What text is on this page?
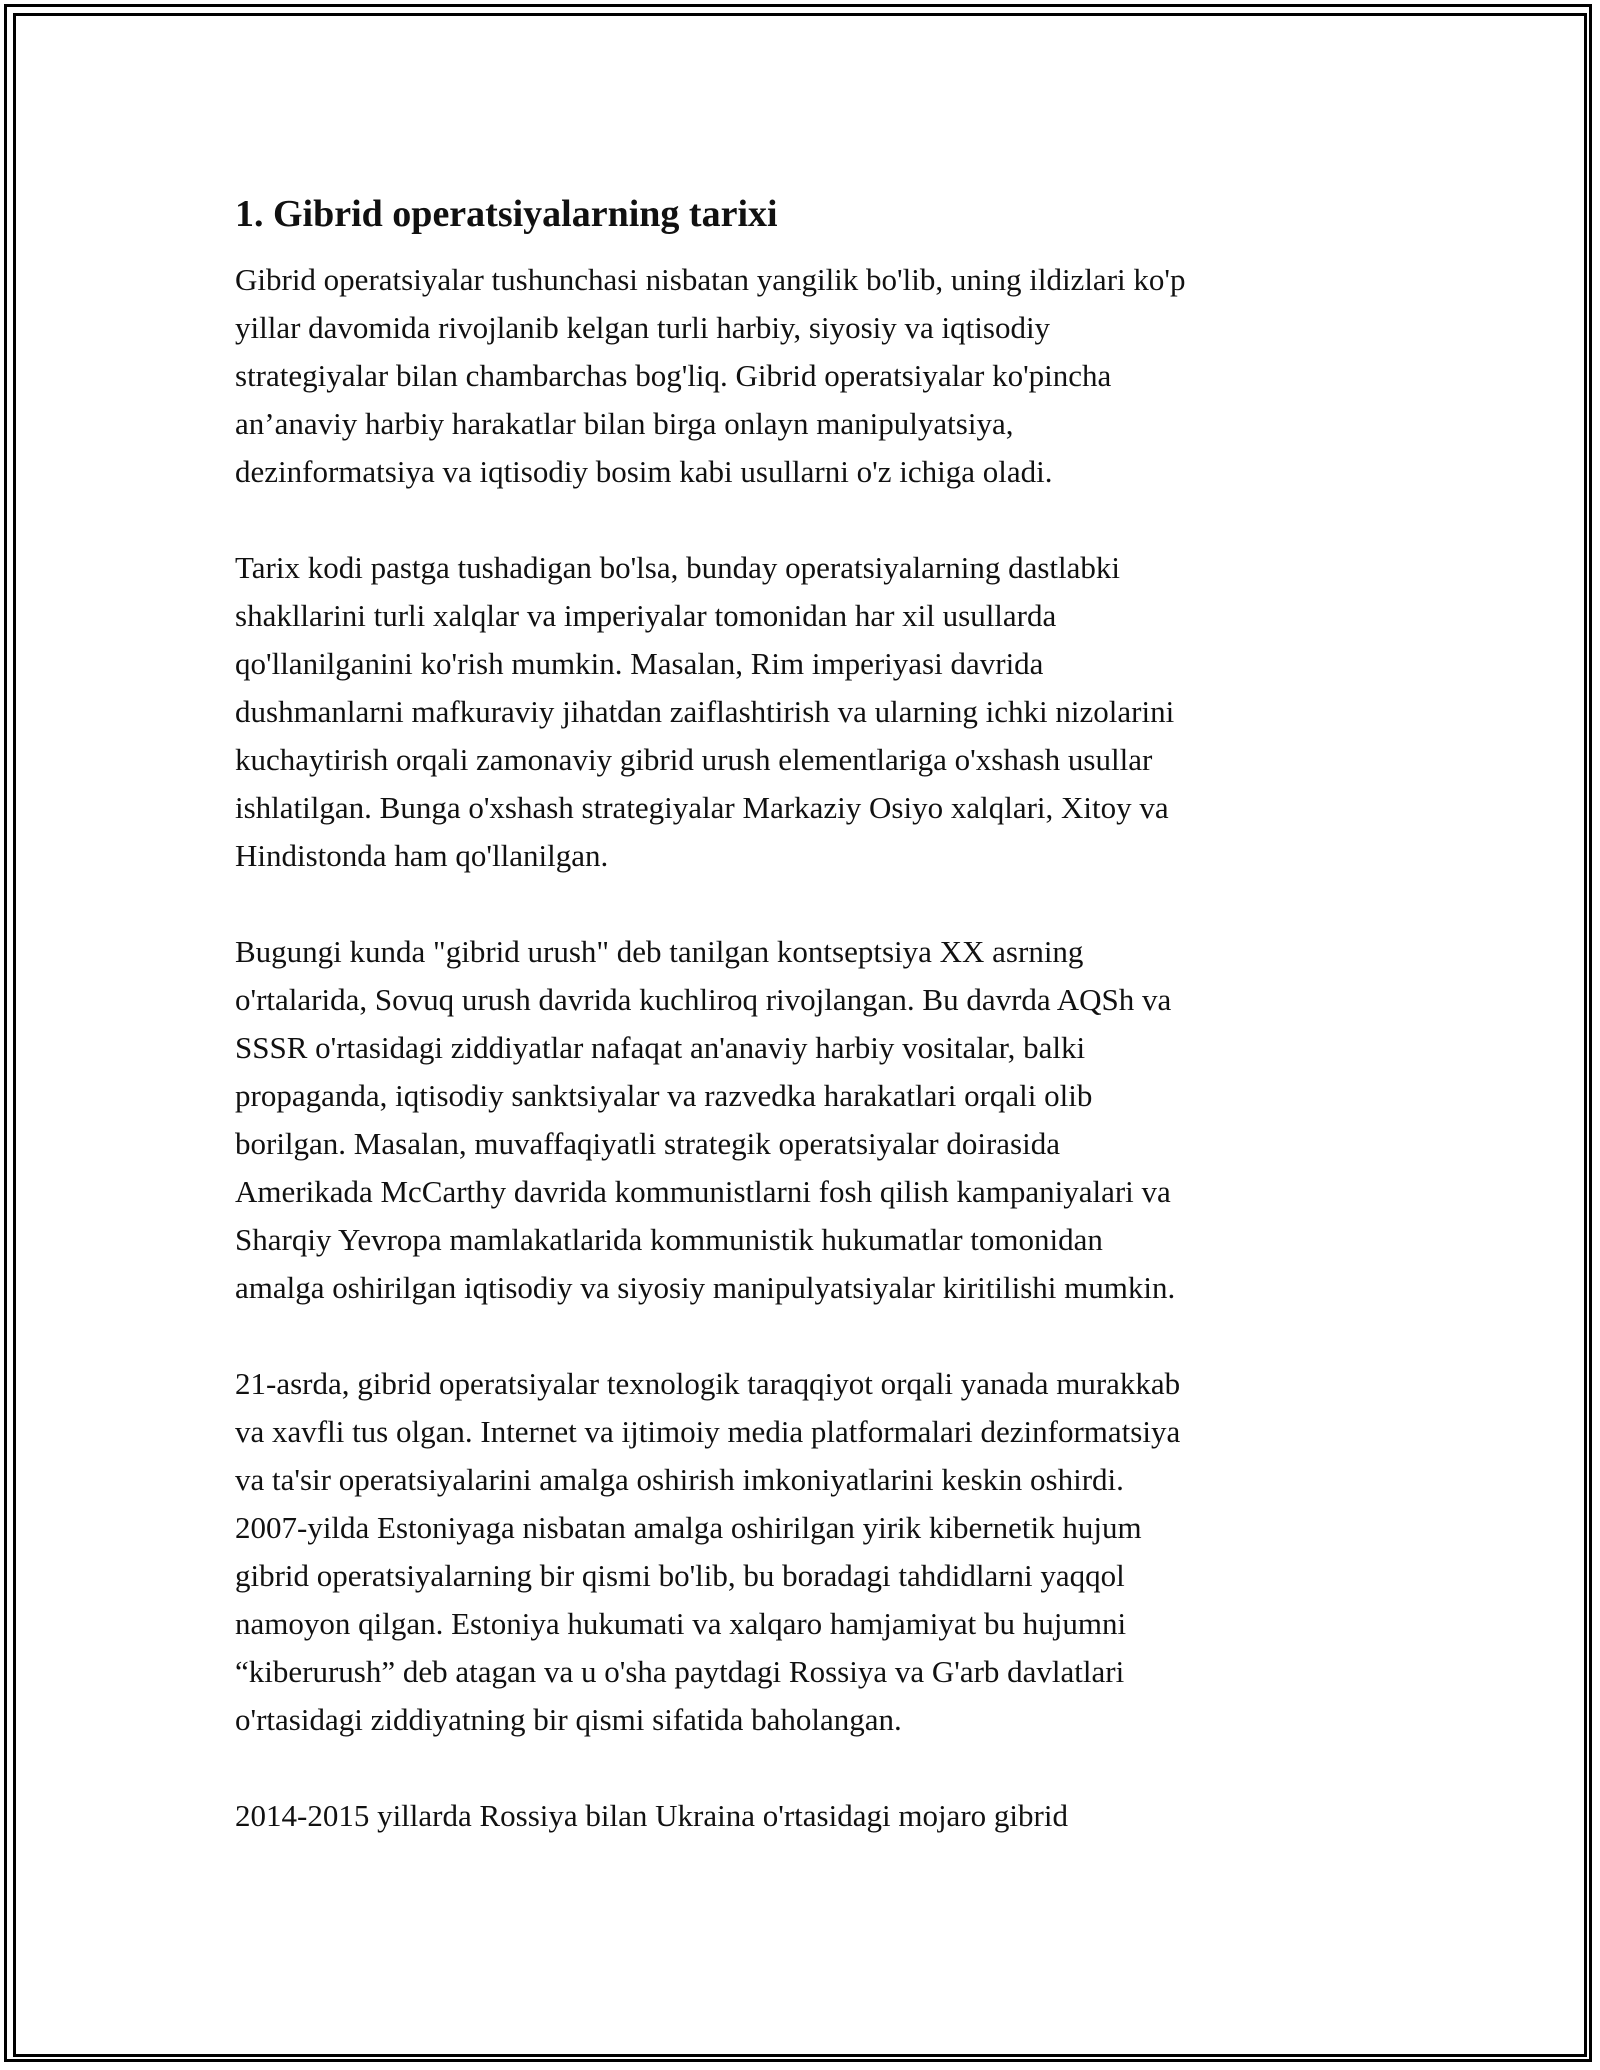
1. Gibrid operatsiyalarning tarixi

Gibrid operatsiyalar tushunchasi nisbatan yangilik bo'lib, uning ildizlari ko'p
yillar davomida rivojlanib kelgan turli harbiy, siyosiy va iqtisodiy
strategiyalar bilan chambarchas bog'liq. Gibrid operatsiyalar ko'pincha
an’anaviy harbiy harakatlar bilan birga onlayn manipulyatsiya,
dezinformatsiya va iqtisodiy bosim kabi usullarni o'z ichiga oladi.

Tarix kodi pastga tushadigan bo'lsa, bunday operatsiyalarning dastlabki
shakllarini turli xalqlar va imperiyalar tomonidan har xil usullarda
qo'llanilganini ko'rish mumkin. Masalan, Rim imperiyasi davrida
dushmanlarni mafkuraviy jihatdan zaiflashtirish va ularning ichki nizolarini
kuchaytirish orqali zamonaviy gibrid urush elementlariga o'xshash usullar
ishlatilgan. Bunga o'xshash strategiyalar Markaziy Osiyo xalqlari, Xitoy va
Hindistonda ham qo'llanilgan.

Bugungi kunda "gibrid urush" deb tanilgan kontseptsiya XX asrning
o'rtalarida, Sovuq urush davrida kuchliroq rivojlangan. Bu davrda AQSh va
SSSR o'rtasidagi ziddiyatlar nafaqat an'anaviy harbiy vositalar, balki
propaganda, iqtisodiy sanktsiyalar va razvedka harakatlari orqali olib
borilgan. Masalan, muvaffaqiyatli strategik operatsiyalar doirasida
Amerikada McCarthy davrida kommunistlarni fosh qilish kampaniyalari va
Sharqiy Yevropa mamlakatlarida kommunistik hukumatlar tomonidan
amalga oshirilgan iqtisodiy va siyosiy manipulyatsiyalar kiritilishi mumkin.

21-asrda, gibrid operatsiyalar texnologik taraqqiyot orqali yanada murakkab
va xavfli tus olgan. Internet va ijtimoiy media platformalari dezinformatsiya
va ta'sir operatsiyalarini amalga oshirish imkoniyatlarini keskin oshirdi.
2007-yilda Estoniyaga nisbatan amalga oshirilgan yirik kibernetik hujum
gibrid operatsiyalarning bir qismi bo'lib, bu boradagi tahdidlarni yaqqol
namoyon qilgan. Estoniya hukumati va xalqaro hamjamiyat bu hujumni
“kiberurush” deb atagan va u o'sha paytdagi Rossiya va G'arb davlatlari
o'rtasidagi ziddiyatning bir qismi sifatida baholangan.

2014-2015 yillarda Rossiya bilan Ukraina o'rtasidagi mojaro gibrid
